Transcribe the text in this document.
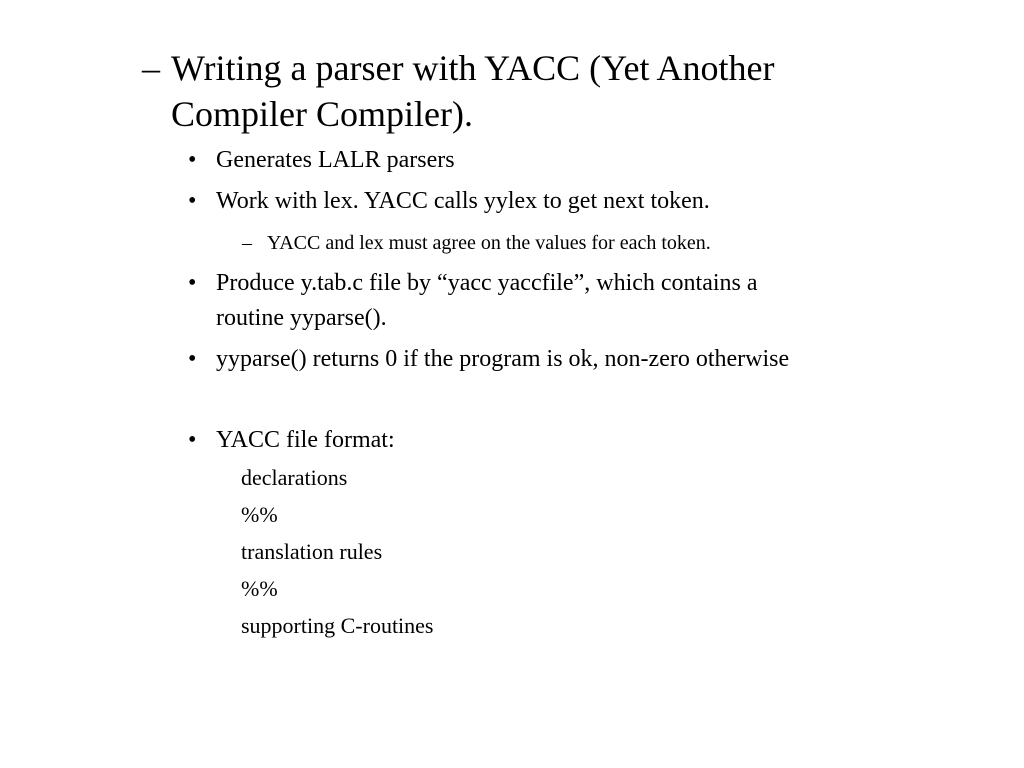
– Writing a parser with YACC (Yet Another
Compiler Compiler).
• Generates LALR parsers
• Work with lex. YACC calls yylex to get next token.
– YACC and lex must agree on the values for each token.
• Produce y.tab.c file by “yacc yaccfile”, which contains a
routine yyparse().
• yyparse() returns 0 if the program is ok, non-zero otherwise
• YACC file format:
declarations
%%
translation rules
%%
supporting C-routines
